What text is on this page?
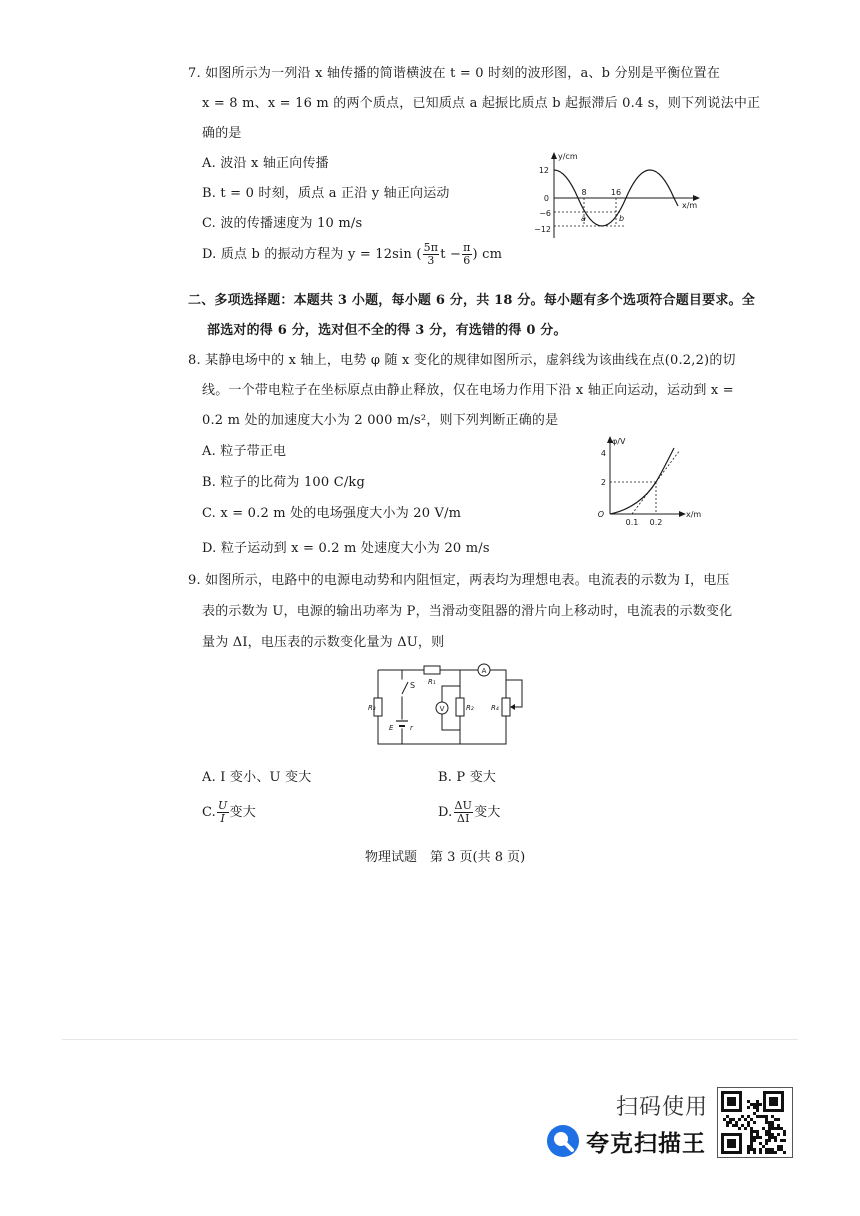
7. 如图所示为一列沿 x 轴传播的简谐横波在 t = 0 时刻的波形图，a、b 分别是平衡位置在
x = 8 m、x = 16 m 的两个质点，已知质点 a 起振比质点 b 起振滞后 0.4 s，则下列说法中正
确的是
A. 波沿 x 轴正向传播
B. t = 0 时刻，质点 a 正沿 y 轴正向运动
C. 波的传播速度为 10 m/s
D. 质点 b 的振动方程为 y = 12sin ( $\frac{5\pi}{3}$ $t - \frac{\pi}{6}$ ) cm
y/cm
x/m
12
0
−6
−12
8	16
a	b
二、多项选择题：本题共 3 小题，每小题 6 分，共 18 分。每小题有多个选项符合题目要求。全
部选对的得 6 分，选对但不全的得 3 分，有选错的得 0 分。
8. 某静电场中的 x 轴上，电势 φ 随 x 变化的规律如图所示，虚斜线为该曲线在点(0.2,2)的切
线。一个带电粒子在坐标原点由静止释放，仅在电场力作用下沿 x 轴正向运动，运动到 x =
0.2 m 处的加速度大小为 2 000 m/s²，则下列判断正确的是
A. 粒子带正电
B. 粒子的比荷为 100 C/kg
C. x = 0.2 m 处的电场强度大小为 20 V/m
D. 粒子运动到 x = 0.2 m 处速度大小为 20 m/s
φ/V
x/m
O
4
2
0.1 0.2
9. 如图所示，电路中的电源电动势和内阻恒定，两表均为理想电表。电流表的示数为 I，电压
表的示数为 U，电源的输出功率为 P，当滑动变阻器的滑片向上移动时，电流表的示数变化
量为 ΔI，电压表的示数变化量为 ΔU，则
R₃
S
E r
R₁
A
V	R₂ R₄
A. I 变小、U 变大	B. P 变大
C. $\frac{U}{I}$ 变大	D. $\frac{\Delta U}{\Delta I}$ 变大
物理试题　第 3 页(共 8 页)
扫码使用
夸克扫描王
